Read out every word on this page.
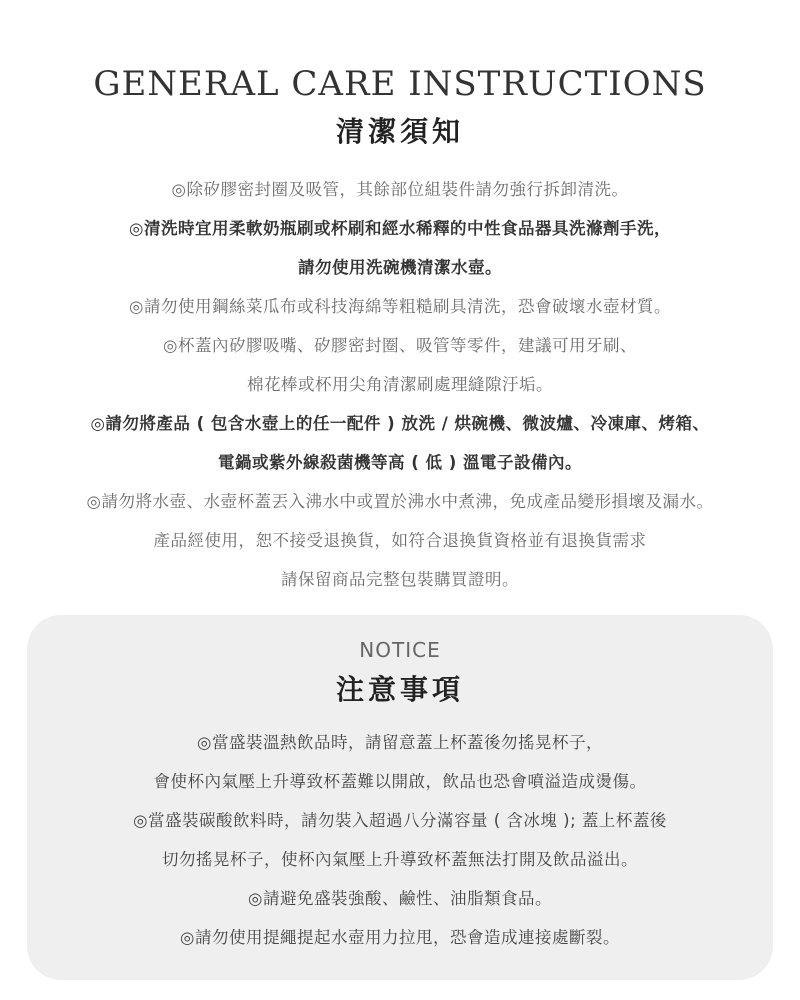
GENERAL CARE INSTRUCTIONS
清潔須知
◎除矽膠密封圈及吸管，其餘部位組裝件請勿強行拆卸清洗。
◎清洗時宜用柔軟奶瓶刷或杯刷和經水稀釋的中性食品器具洗滌劑手洗，
請勿使用洗碗機清潔水壺。
◎請勿使用鋼絲菜瓜布或科技海綿等粗糙刷具清洗，恐會破壞水壺材質。
◎杯蓋內矽膠吸嘴、矽膠密封圈、吸管等零件，建議可用牙刷、
棉花棒或杯用尖角清潔刷處理縫隙汙垢。
◎請勿將產品 ( 包含水壺上的任一配件 ) 放洗 / 烘碗機、微波爐、冷凍庫、烤箱、
電鍋或紫外線殺菌機等高 ( 低 ) 溫電子設備內。
◎請勿將水壺、水壺杯蓋丟入沸水中或置於沸水中煮沸，免成產品變形損壞及漏水。
產品經使用，恕不接受退換貨，如符合退換貨資格並有退換貨需求
請保留商品完整包裝購買證明。
NOTICE
注意事項
◎當盛裝溫熱飲品時，請留意蓋上杯蓋後勿搖晃杯子，
會使杯內氣壓上升導致杯蓋難以開啟，飲品也恐會噴溢造成燙傷。
◎當盛裝碳酸飲料時，請勿裝入超過八分滿容量 ( 含冰塊 ); 蓋上杯蓋後
切勿搖晃杯子，使杯內氣壓上升導致杯蓋無法打開及飲品溢出。
◎請避免盛裝強酸、鹼性、油脂類食品。
◎請勿使用提繩提起水壺用力拉甩，恐會造成連接處斷裂。
